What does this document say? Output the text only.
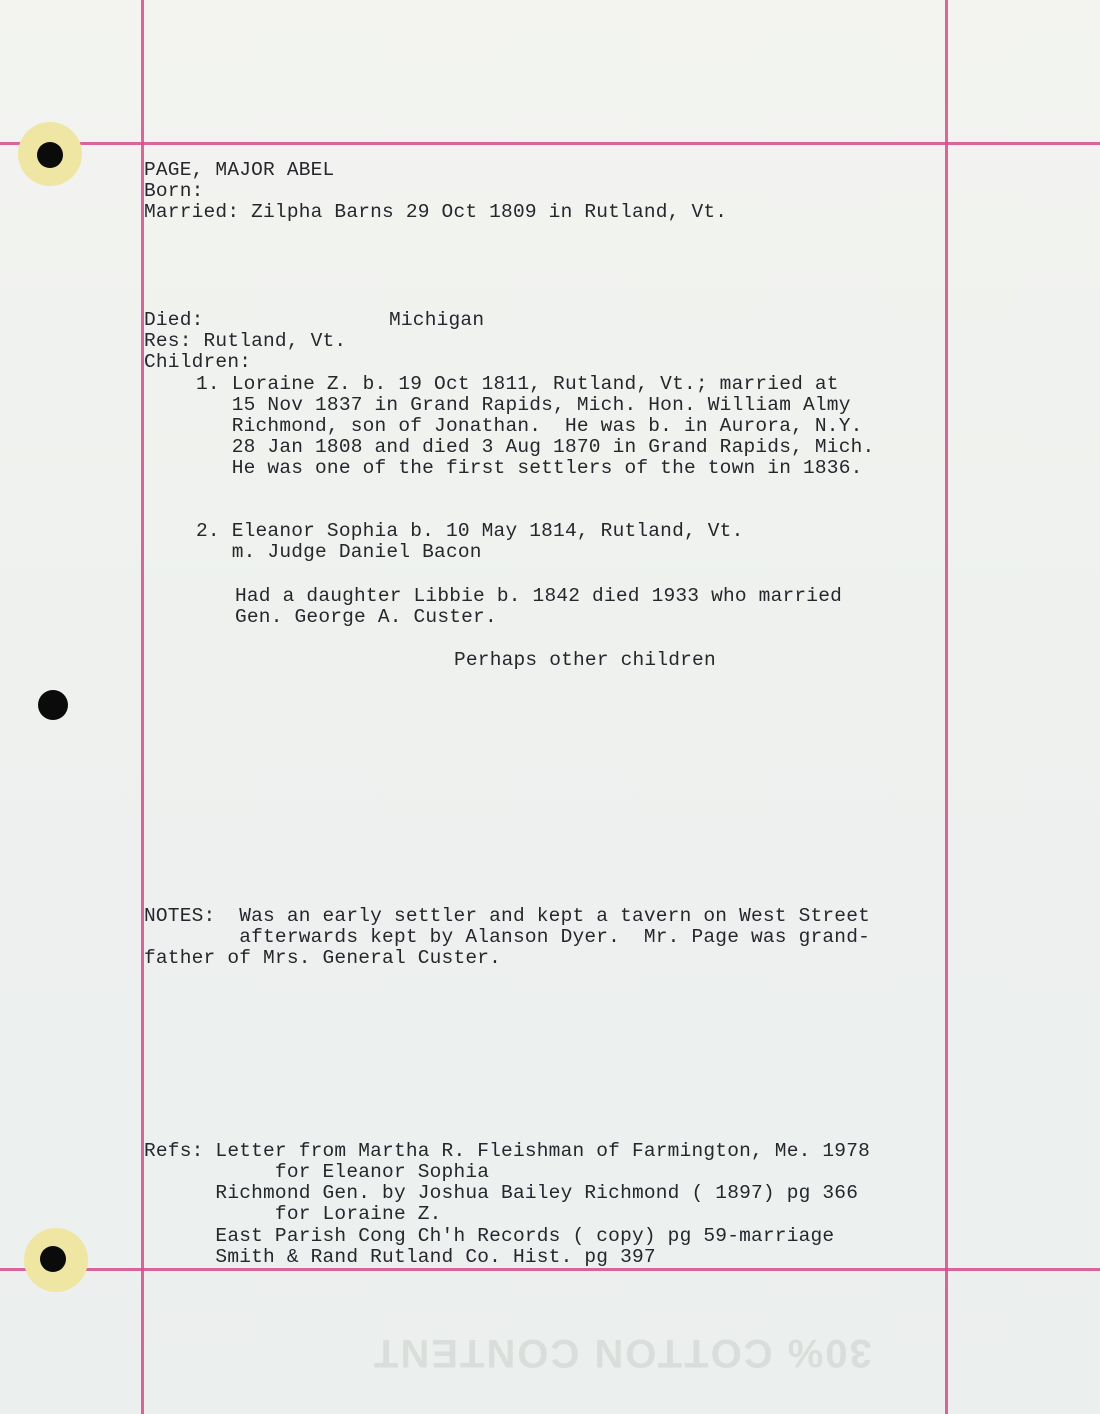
30% COTTON CONTENT
PAGE, MAJOR ABEL
Born:
Married: Zilpha Barns 29 Oct 1809 in Rutland, Vt.
Died:	Michigan
Res: Rutland, Vt.
Children:
1. Loraine Z. b. 19 Oct 1811, Rutland, Vt.; married at
15 Nov 1837 in Grand Rapids, Mich. Hon. William Almy
Richmond, son of Jonathan.  He was b. in Aurora, N.Y.
28 Jan 1808 and died 3 Aug 1870 in Grand Rapids, Mich.
He was one of the first settlers of the town in 1836.
2. Eleanor Sophia b. 10 May 1814, Rutland, Vt.
m. Judge Daniel Bacon
Had a daughter Libbie b. 1842 died 1933 who married
Gen. George A. Custer.
Perhaps other children
NOTES:  Was an early settler and kept a tavern on West Street
afterwards kept by Alanson Dyer.  Mr. Page was grand-
father of Mrs. General Custer.
Refs: Letter from Martha R. Fleishman of Farmington, Me. 1978
for Eleanor Sophia
Richmond Gen. by Joshua Bailey Richmond ( 1897) pg 366
for Loraine Z.
East Parish Cong Ch'h Records ( copy) pg 59-marriage
Smith & Rand Rutland Co. Hist. pg 397
